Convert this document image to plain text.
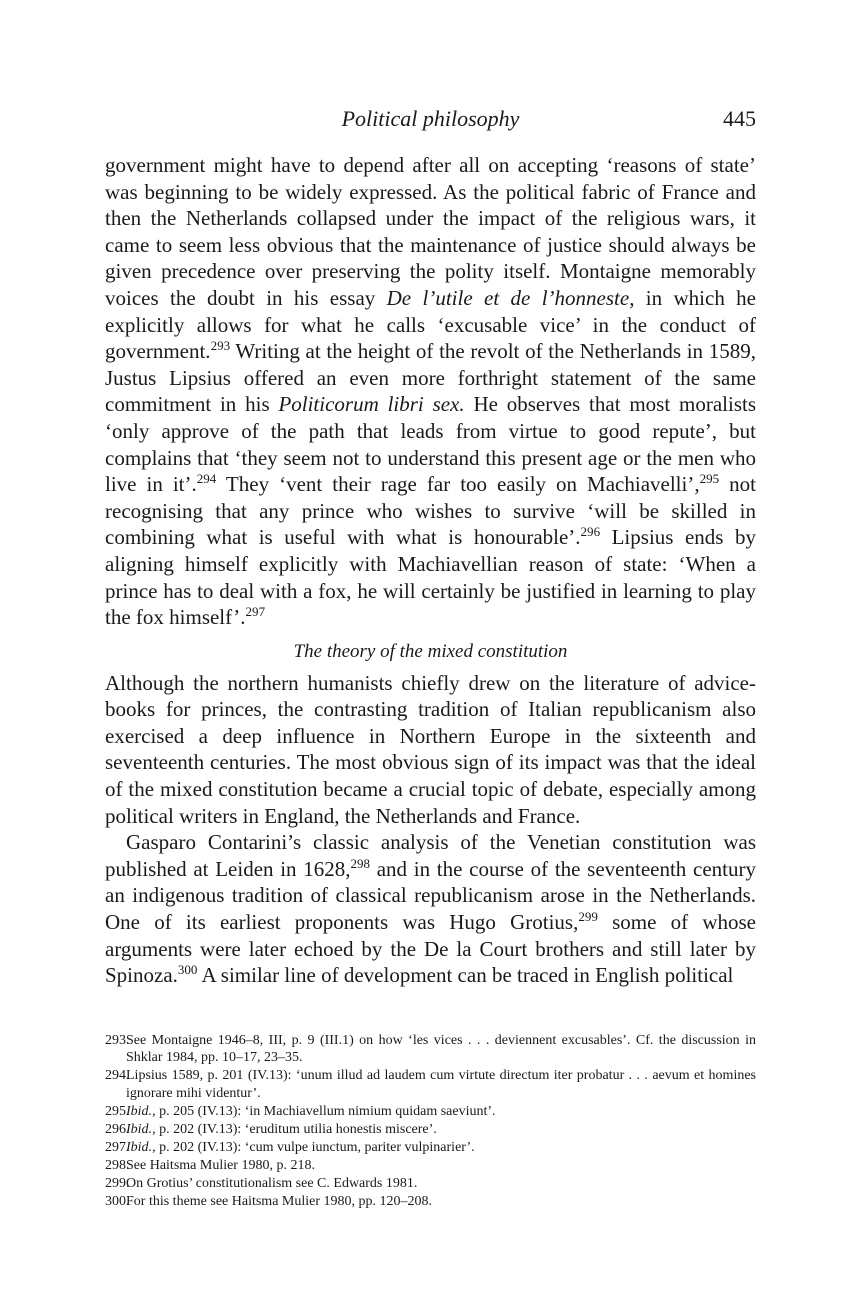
Political philosophy	445

government might have to depend after all on accepting ‘reasons of state’ was beginning to be widely expressed. As the political fabric of France and then the Netherlands collapsed under the impact of the religious wars, it came to seem less obvious that the maintenance of justice should always be given precedence over preserving the polity itself. Montaigne memorably voices the doubt in his essay De l’utile et de l’honneste, in which he explicitly allows for what he calls ‘excusable vice’ in the conduct of government.$^{293}$ Writing at the height of the revolt of the Netherlands in 1589, Justus Lipsius offered an even more forthright statement of the same commitment in his Politicorum libri sex. He observes that most moralists ‘only approve of the path that leads from virtue to good repute’, but complains that ‘they seem not to understand this present age or the men who live in it’.$^{294}$ They ‘vent their rage far too easily on Machiavelli’,$^{295}$ not recognising that any prince who wishes to survive ‘will be skilled in combining what is useful with what is honourable’.$^{296}$ Lipsius ends by aligning himself explicitly with Machiavellian reason of state: ‘When a prince has to deal with a fox, he will certainly be justified in learning to play the fox himself’.$^{297}$

The theory of the mixed constitution

Although the northern humanists chiefly drew on the literature of advice-books for princes, the contrasting tradition of Italian republicanism also exercised a deep influence in Northern Europe in the sixteenth and seventeenth centuries. The most obvious sign of its impact was that the ideal of the mixed constitution became a crucial topic of debate, especially among political writers in England, the Netherlands and France.

Gasparo Contarini’s classic analysis of the Venetian constitution was published at Leiden in 1628,$^{298}$ and in the course of the seventeenth century an indigenous tradition of classical republicanism arose in the Netherlands. One of its earliest proponents was Hugo Grotius,$^{299}$ some of whose arguments were later echoed by the De la Court brothers and still later by Spinoza.$^{300}$ A similar line of development can be traced in English political

293.
See Montaigne 1946–8, III, p. 9 (III.1) on how ‘les vices . . . deviennent excusables’. Cf. the discussion in Shklar 1984, pp. 10–17, 23–35.
294.
Lipsius 1589, p. 201 (IV.13): ‘unum illud ad laudem cum virtute directum iter probatur . . . aevum et homines ignorare mihi videntur’.
295.
Ibid., p. 205 (IV.13): ‘in Machiavellum nimium quidam saeviunt’.
296.
Ibid., p. 202 (IV.13): ‘eruditum utilia honestis miscere’.
297.
Ibid., p. 202 (IV.13): ‘cum vulpe iunctum, pariter vulpinarier’.
298.
See Haitsma Mulier 1980, p. 218.
299.
On Grotius’ constitutionalism see C. Edwards 1981.
300.
For this theme see Haitsma Mulier 1980, pp. 120–208.
